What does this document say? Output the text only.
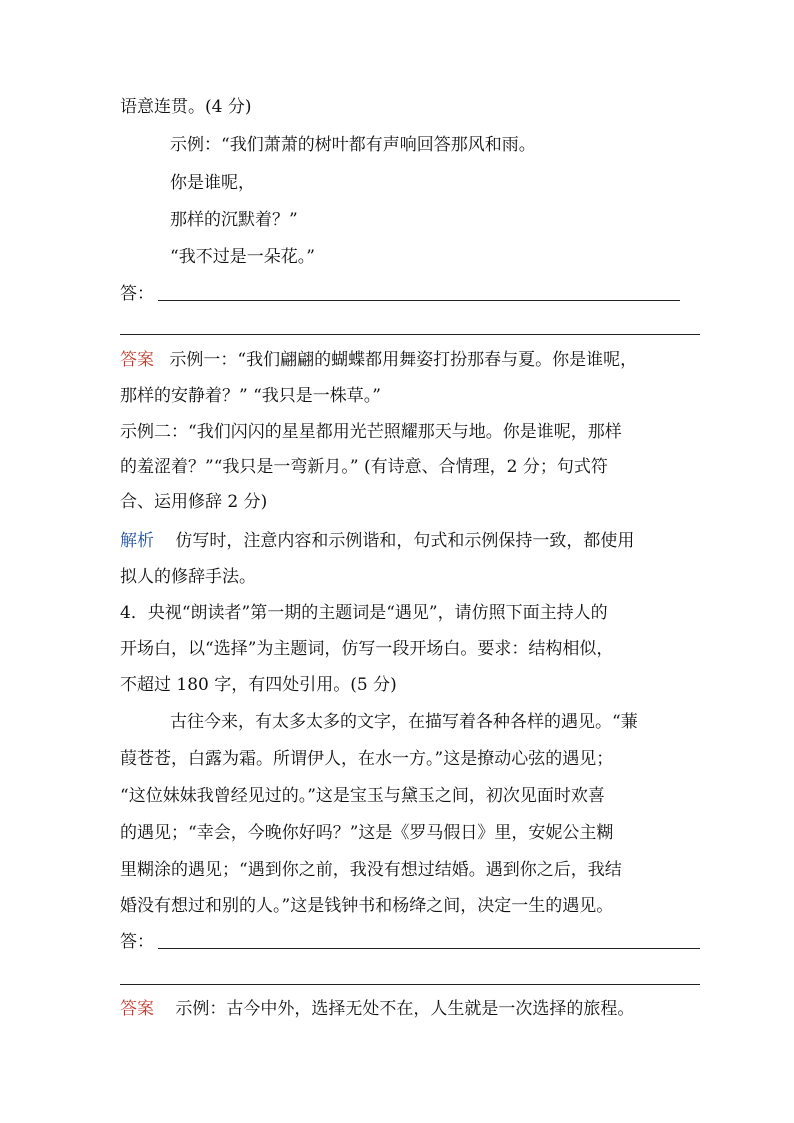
语意连贯。(4 分)
示例：“我们萧萧的树叶都有声响回答那风和雨。
你是谁呢，
那样的沉默着？”
“我不过是一朵花。”
答：
答案 示例一：“我们翩翩的蝴蝶都用舞姿打扮那春与夏。你是谁呢，
那样的安静着？” “我只是一株草。”
示例二：“我们闪闪的星星都用光芒照耀那天与地。你是谁呢，那样
的羞涩着？”“我只是一弯新月。” (有诗意、合情理，2 分；句式符
合、运用修辞 2 分)
解析 仿写时，注意内容和示例谐和，句式和示例保持一致，都使用
拟人的修辞手法。
4．央视“朗读者”第一期的主题词是“遇见”，请仿照下面主持人的
开场白，以“选择”为主题词，仿写一段开场白。要求：结构相似，
不超过 180 字，有四处引用。(5 分)
古往今来，有太多太多的文字，在描写着各种各样的遇见。“蒹
葭苍苍，白露为霜。所谓伊人，在水一方。”这是撩动心弦的遇见；
“这位妹妹我曾经见过的。”这是宝玉与黛玉之间，初次见面时欢喜
的遇见；“幸会，今晚你好吗？”这是《罗马假日》里，安妮公主糊
里糊涂的遇见；“遇到你之前，我没有想过结婚。遇到你之后，我结
婚没有想过和别的人。”这是钱钟书和杨绛之间，决定一生的遇见。
答：
答案 示例：古今中外，选择无处不在，人生就是一次选择的旅程。
